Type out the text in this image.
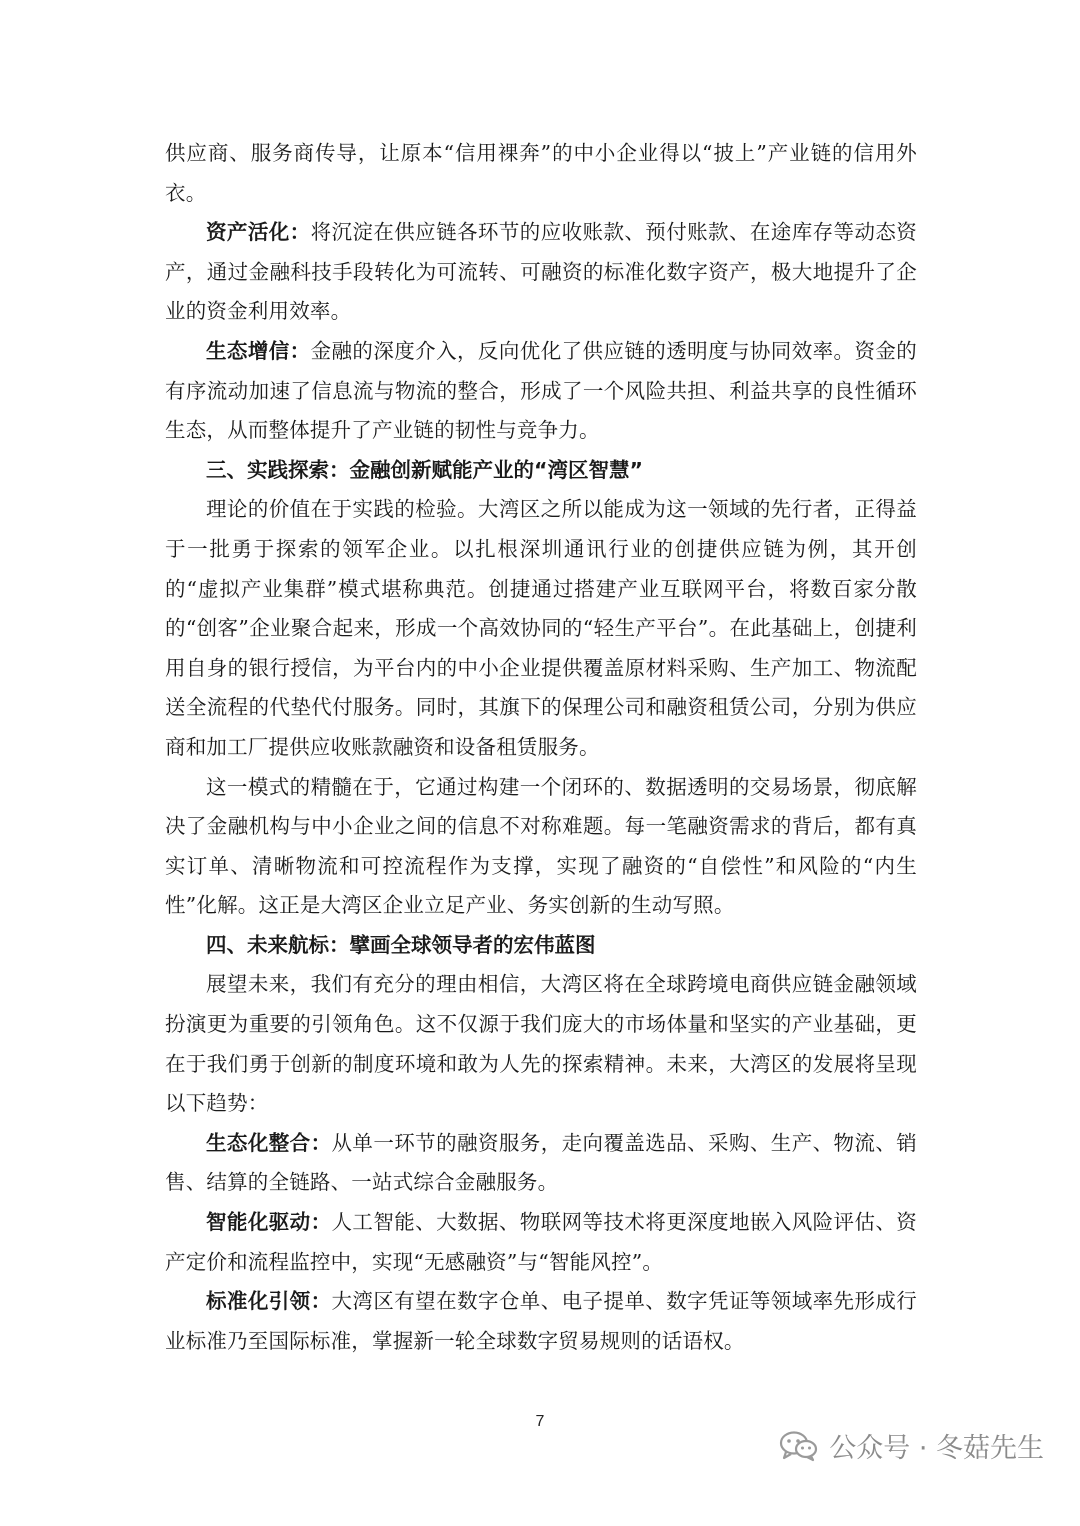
供应商、服务商传导，让原本“信用裸奔”的中小企业得以“披上”产业链的信用外衣。

资产活化：将沉淀在供应链各环节的应收账款、预付账款、在途库存等动态资产，通过金融科技手段转化为可流转、可融资的标准化数字资产，极大地提升了企业的资金利用效率。

生态增信：金融的深度介入，反向优化了供应链的透明度与协同效率。资金的有序流动加速了信息流与物流的整合，形成了一个风险共担、利益共享的良性循环生态，从而整体提升了产业链的韧性与竞争力。

三、实践探索：金融创新赋能产业的“湾区智慧”

理论的价值在于实践的检验。大湾区之所以能成为这一领域的先行者，正得益于一批勇于探索的领军企业。以扎根深圳通讯行业的创捷供应链为例，其开创的“虚拟产业集群”模式堪称典范。创捷通过搭建产业互联网平台，将数百家分散的“创客”企业聚合起来，形成一个高效协同的“轻生产平台”。在此基础上，创捷利用自身的银行授信，为平台内的中小企业提供覆盖原材料采购、生产加工、物流配送全流程的代垫代付服务。同时，其旗下的保理公司和融资租赁公司，分别为供应商和加工厂提供应收账款融资和设备租赁服务。

这一模式的精髓在于，它通过构建一个闭环的、数据透明的交易场景，彻底解决了金融机构与中小企业之间的信息不对称难题。每一笔融资需求的背后，都有真实订单、清晰物流和可控流程作为支撑，实现了融资的“自偿性”和风险的“内生性”化解。这正是大湾区企业立足产业、务实创新的生动写照。

四、未来航标：擘画全球领导者的宏伟蓝图

展望未来，我们有充分的理由相信，大湾区将在全球跨境电商供应链金融领域扮演更为重要的引领角色。这不仅源于我们庞大的市场体量和坚实的产业基础，更在于我们勇于创新的制度环境和敢为人先的探索精神。未来，大湾区的发展将呈现以下趋势：

生态化整合：从单一环节的融资服务，走向覆盖选品、采购、生产、物流、销售、结算的全链路、一站式综合金融服务。

智能化驱动：人工智能、大数据、物联网等技术将更深度地嵌入风险评估、资产定价和流程监控中，实现“无感融资”与“智能风控”。

标准化引领：大湾区有望在数字仓单、电子提单、数字凭证等领域率先形成行业标准乃至国际标准，掌握新一轮全球数字贸易规则的话语权。

7
公众号 · 冬菇先生
